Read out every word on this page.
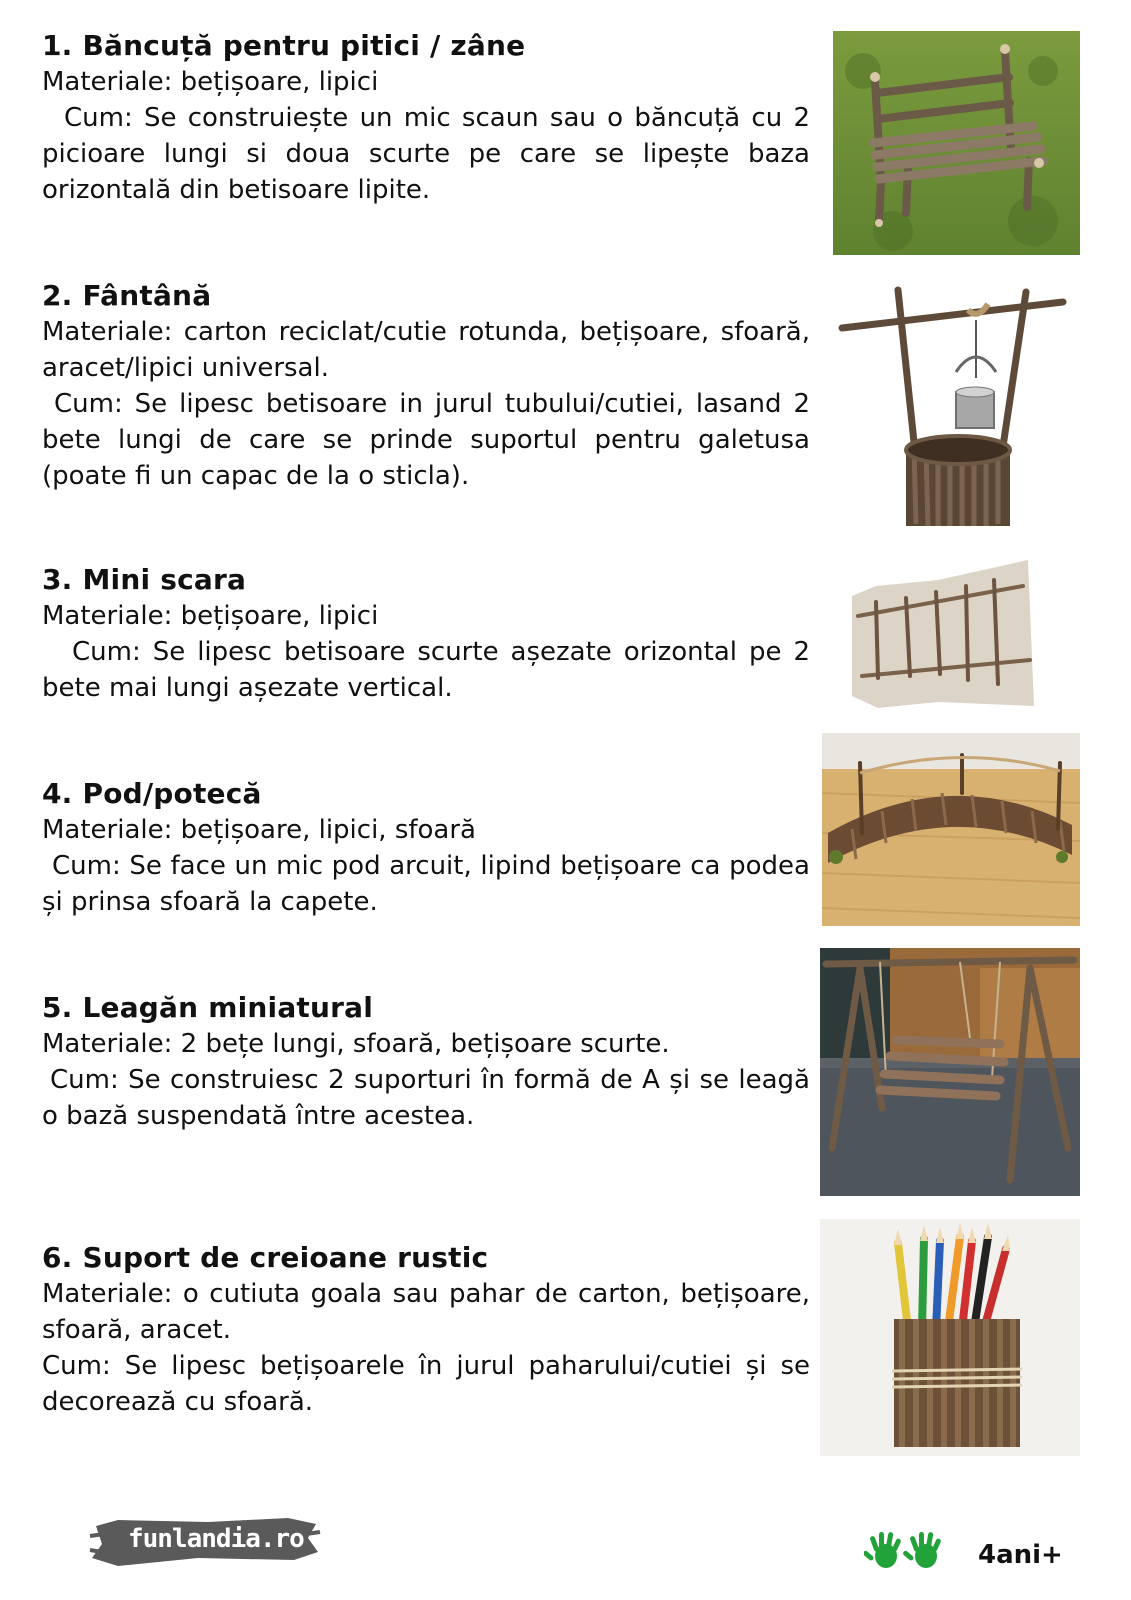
1. Băncuță pentru pitici / zâne

Materiale: bețișoare, lipici

Cum: Se construiește un mic scaun sau o băncuță cu 2 picioare lungi si doua scurte pe care se lipește baza orizontală din betisoare lipite.

2. Fântână

Materiale: carton reciclat/cutie rotunda, bețișoare, sfoară, aracet/lipici universal.

Cum: Se lipesc betisoare in jurul tubului/cutiei, lasand 2 bete lungi de care se prinde suportul pentru galetusa (poate fi un capac de la o sticla).

3. Mini scara

Materiale: bețișoare, lipici

Cum: Se lipesc betisoare scurte așezate orizontal pe 2 bete mai lungi așezate vertical.

4. Pod/potecă

Materiale: bețișoare, lipici, sfoară

Cum: Se face un mic pod arcuit, lipind bețișoare ca podea și prinsa sfoară la capete.

5. Leagăn miniatural

Materiale: 2 bețe lungi, sfoară, bețișoare scurte.

Cum: Se construiesc 2 suporturi în formă de A și se leagă o bază suspendată între acestea.

6. Suport de creioane rustic

Materiale: o cutiuta goala sau pahar de carton, bețișoare, sfoară, aracet.

Cum: Se lipesc bețișoarele în jurul paharului/cutiei și se decorează cu sfoară.

funlandia.ro
4ani+
